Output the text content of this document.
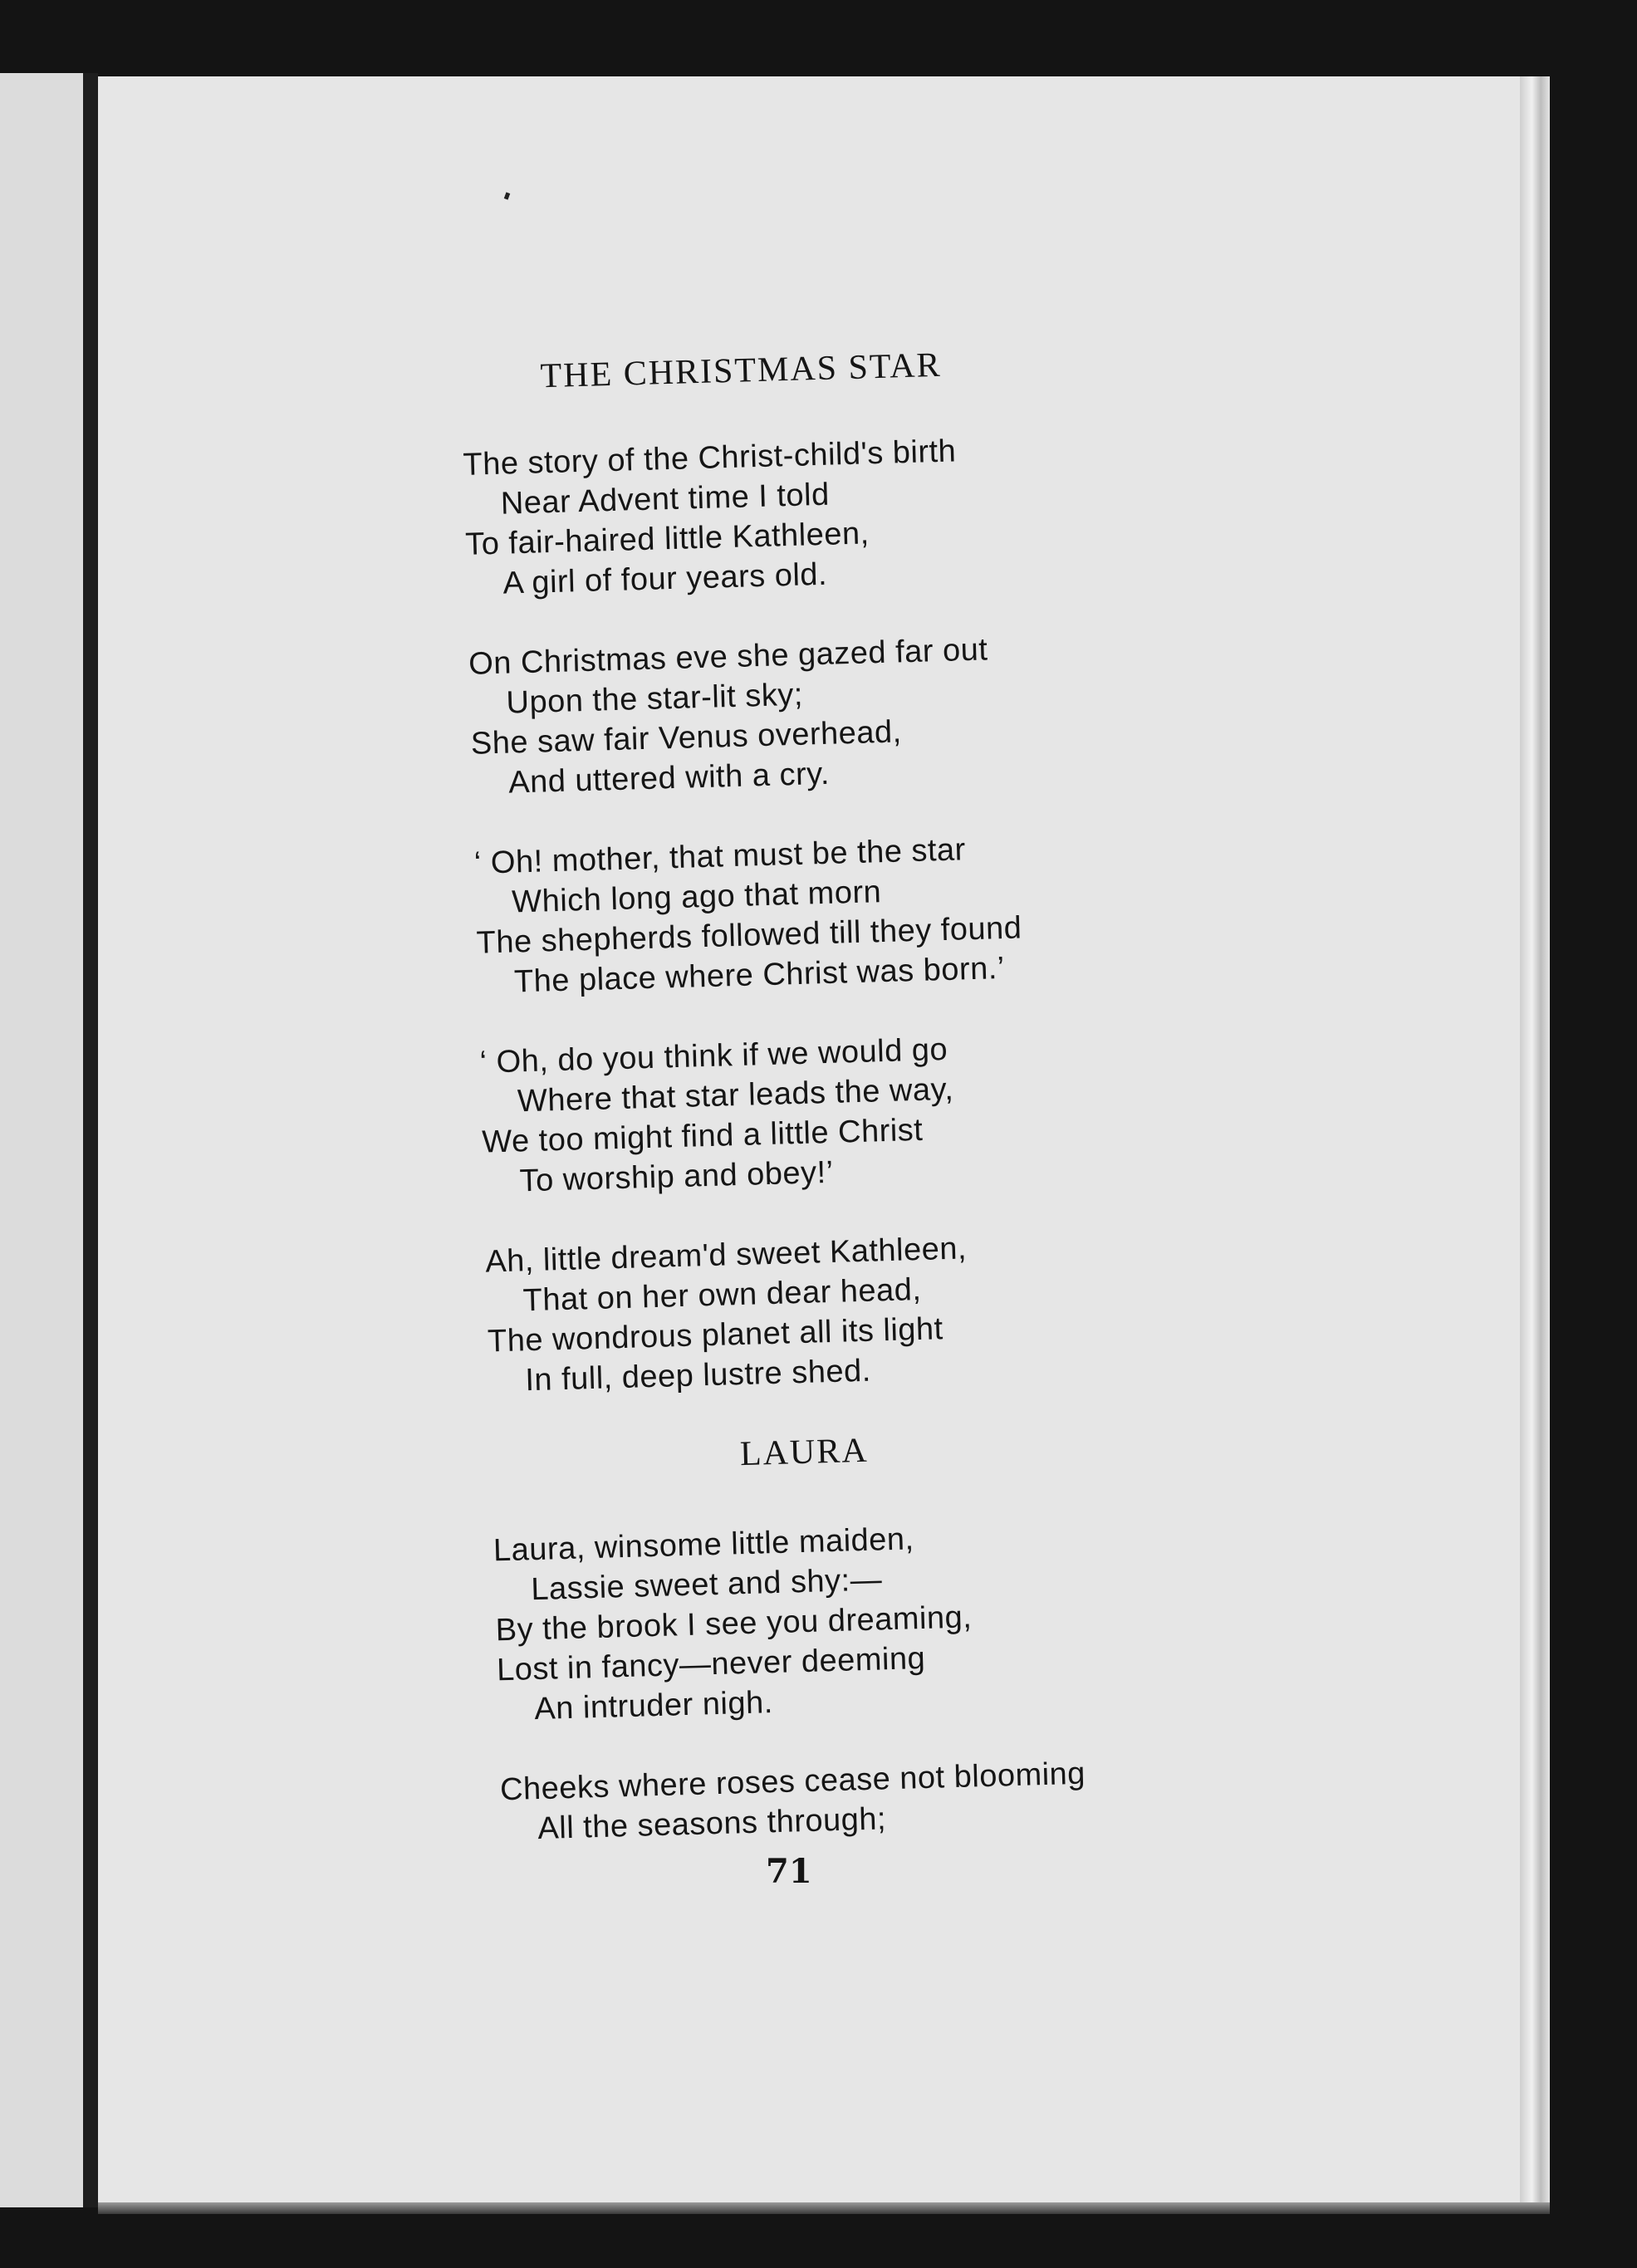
THE CHRISTMAS STAR
The story of the Christ-child's birth
Near Advent time I told
To fair-haired little Kathleen,
A girl of four years old.
On Christmas eve she gazed far out
Upon the star-lit sky;
She saw fair Venus overhead,
And uttered with a cry.
‘ Oh! mother, that must be the star
Which long ago that morn
The shepherds followed till they found
The place where Christ was born.’
‘ Oh, do you think if we would go
Where that star leads the way,
We too might find a little Christ
To worship and obey!’
Ah, little dream'd sweet Kathleen,
That on her own dear head,
The wondrous planet all its light
In full, deep lustre shed.
LAURA
Laura, winsome little maiden,
Lassie sweet and shy:—
By the brook I see you dreaming,
Lost in fancy—never deeming
An intruder nigh.
Cheeks where roses cease not blooming
All the seasons through;
71
